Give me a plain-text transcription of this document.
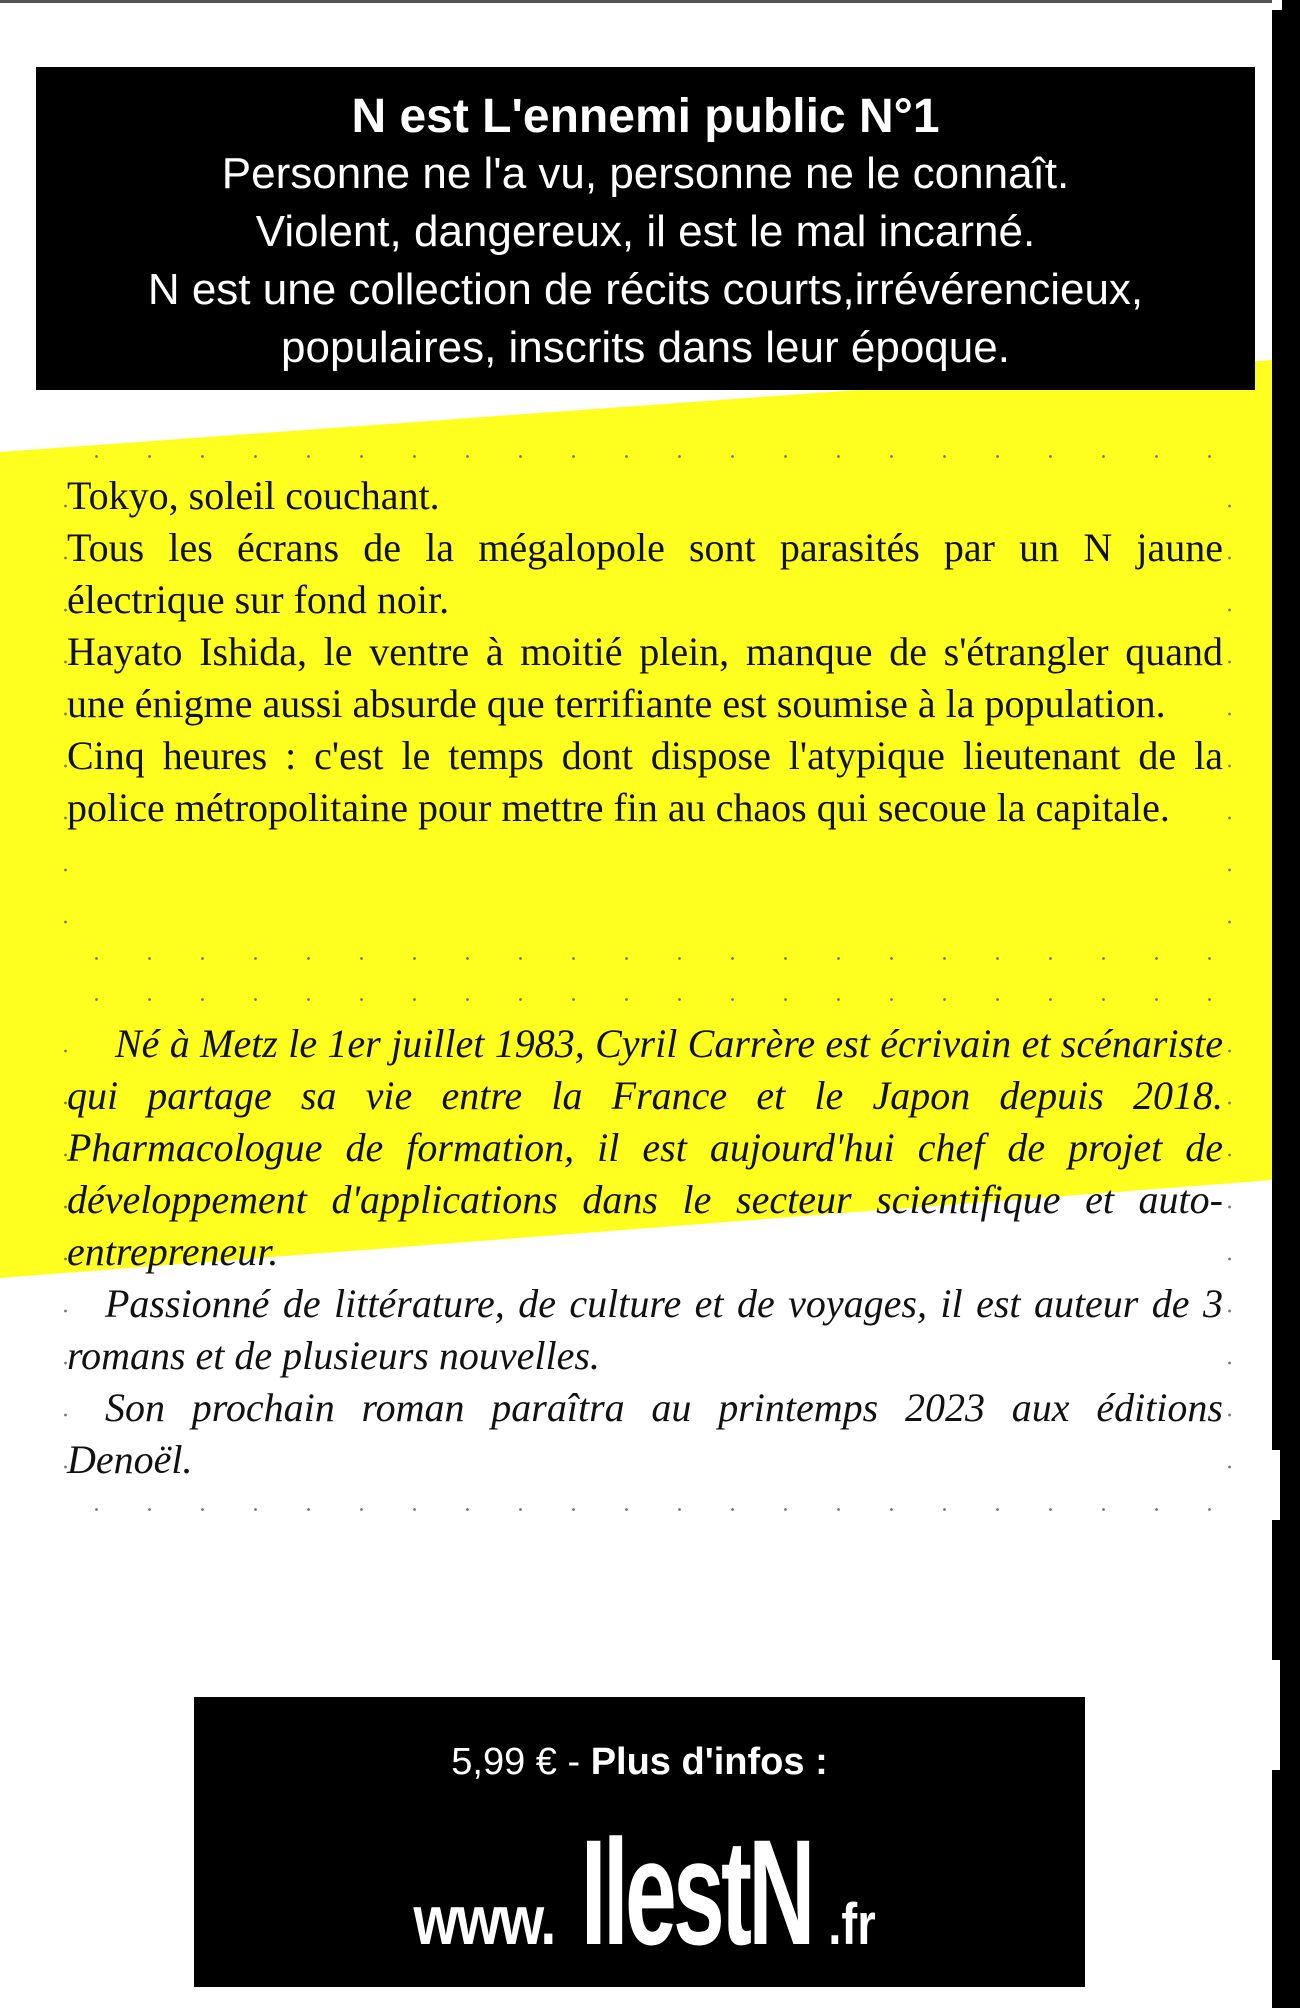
N est L'ennemi public N°1
Personne ne l'a vu, personne ne le connaît.
Violent, dangereux, il est le mal incarné.
N est une collection de récits courts,irrévérencieux,
populaires, inscrits dans leur époque.

Tokyo, soleil couchant.

Tous les écrans de la mégalopole sont parasités par un N jaune électrique sur fond noir.

Hayato Ishida, le ventre à moitié plein, manque de s'étrangler quand une énigme aussi absurde que terrifiante est soumise à la population.

Cinq heures : c'est le temps dont dispose l'atypique lieutenant de la police métropolitaine pour mettre fin au chaos qui secoue la capitale.

Né à Metz le 1er juillet 1983, Cyril Carrère est écrivain et scénariste qui partage sa vie entre la France et le Japon depuis 2018. Pharmacologue de formation, il est aujourd'hui chef de projet de développement d'applications dans le secteur scientifique et auto-entrepreneur.

Passionné de littérature, de culture et de voyages, il est auteur de 3 romans et de plusieurs nouvelles.

Son prochain roman paraîtra au printemps 2023 aux éditions Denoël.

5,99 € - Plus d'infos :
www. IlestN .fr
